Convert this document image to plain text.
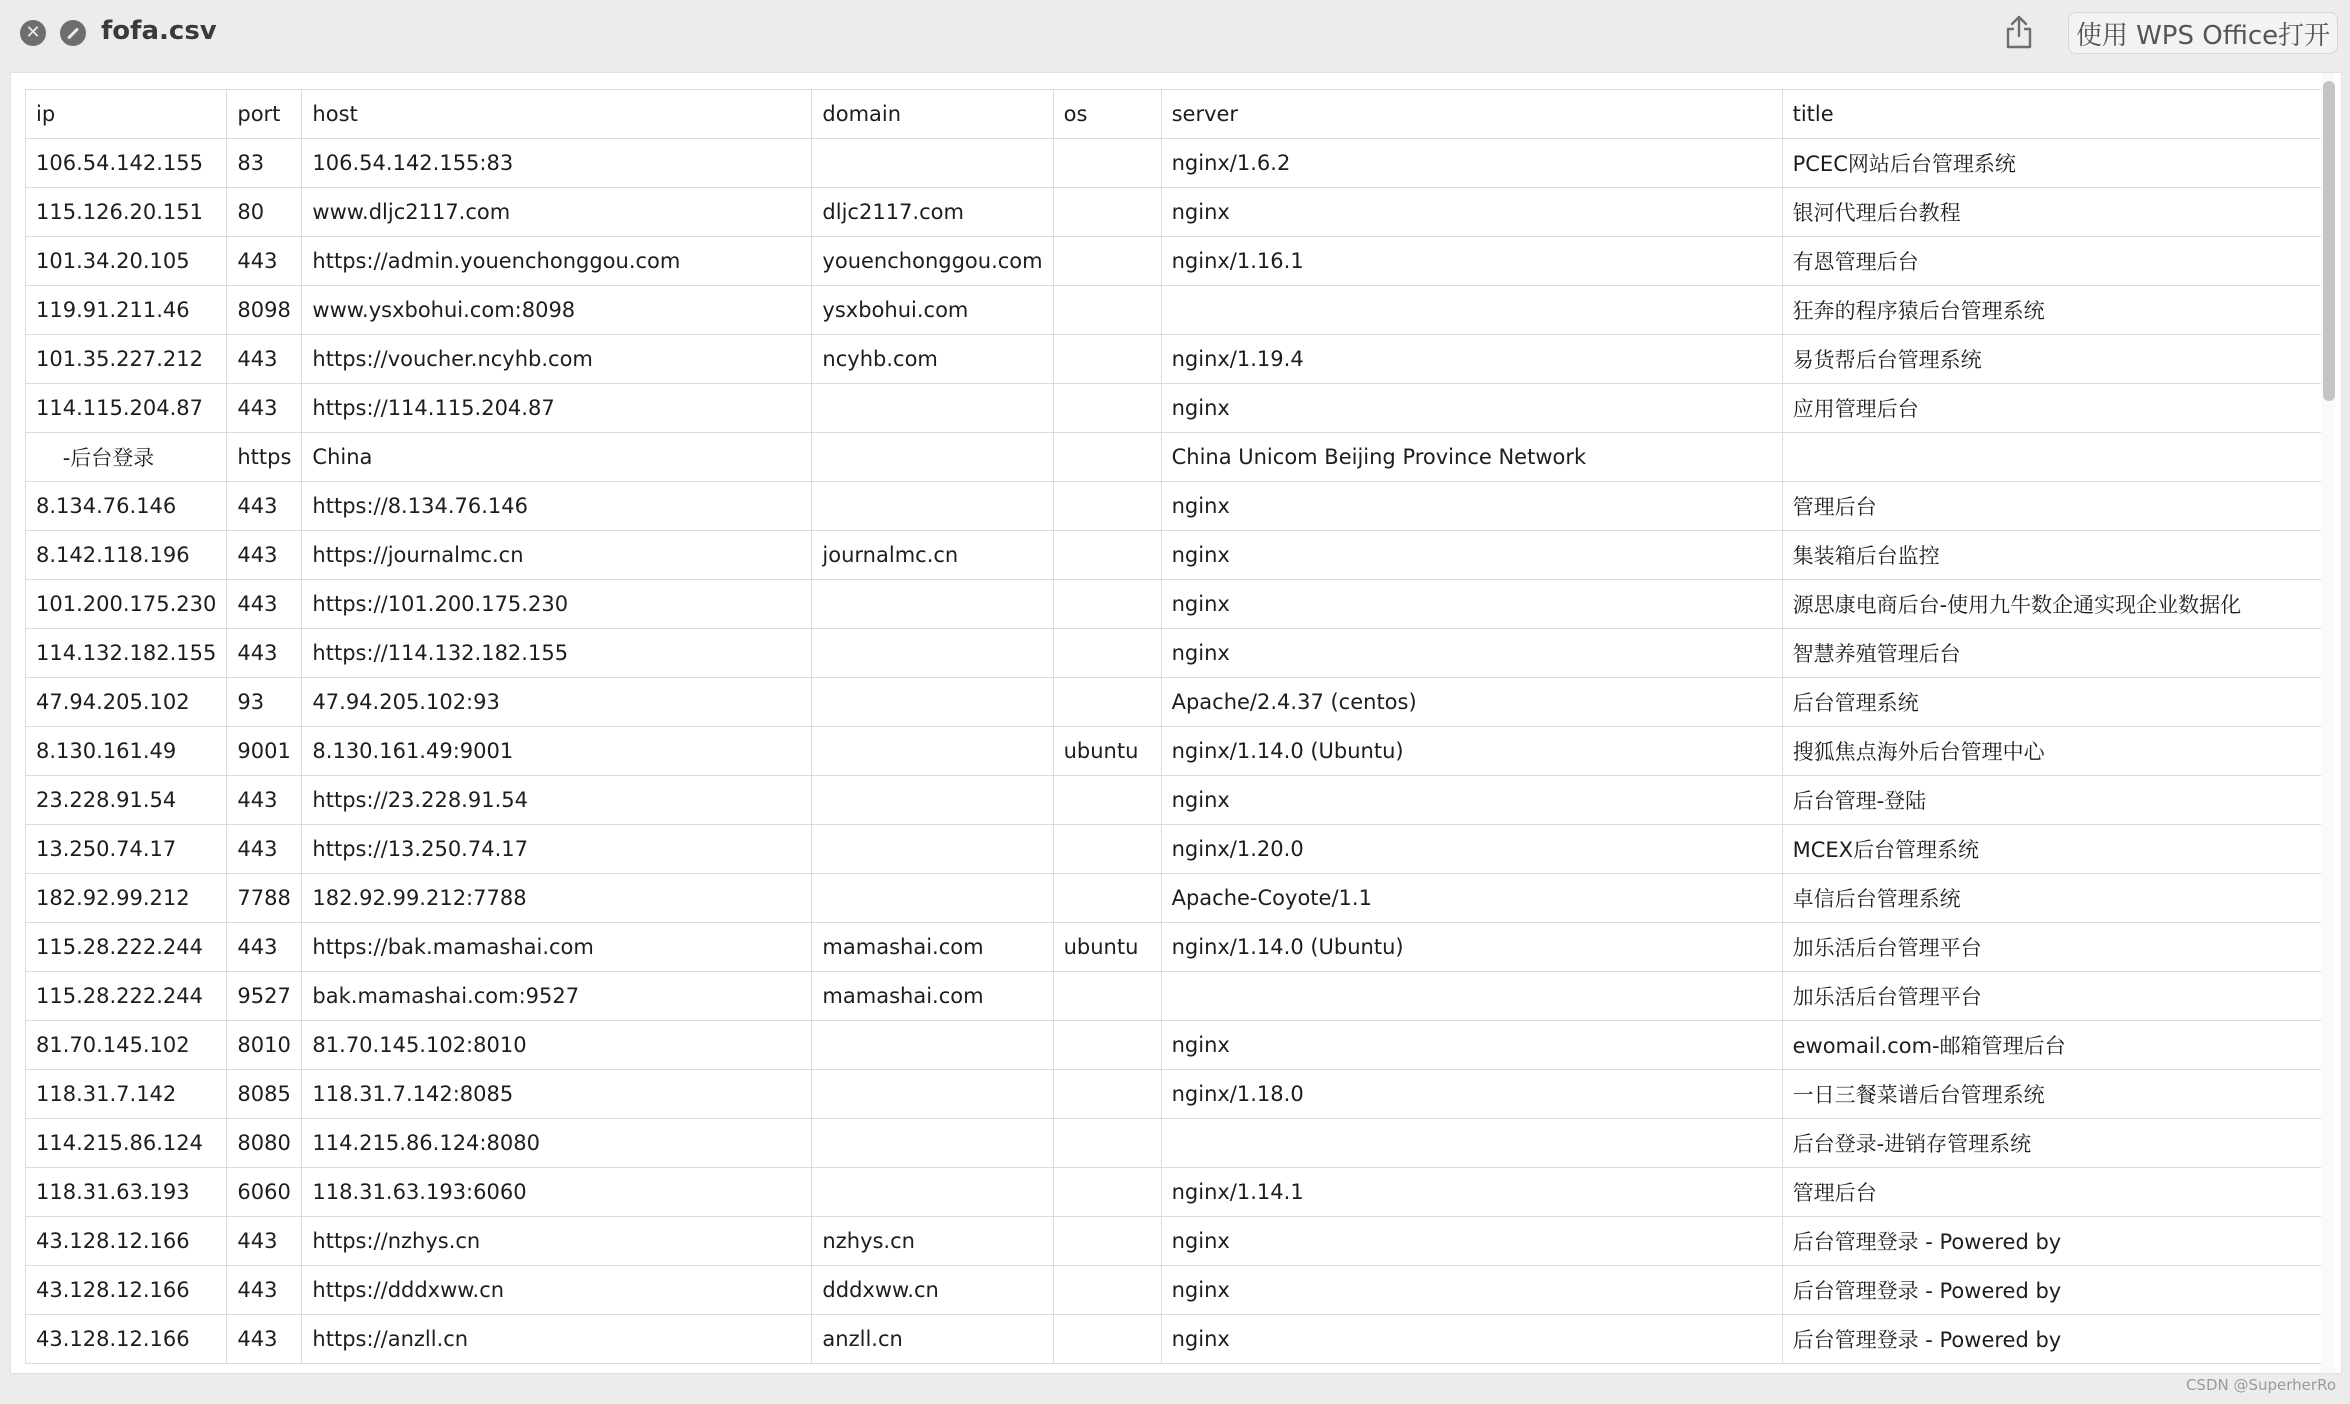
✕ fofa.csv	使用 WPS Office打开
ip	port	host	domain	os	server	title
106.54.142.155	83	106.54.142.155:83			nginx/1.6.2	PCEC网站后台管理系统
115.126.20.151	80	www.dljc2117.com	dljc2117.com		nginx	银河代理后台教程
101.34.20.105	443	https://admin.youenchonggou.com	youenchonggou.com		nginx/1.16.1	有恩管理后台
119.91.211.46	8098	www.ysxbohui.com:8098	ysxbohui.com			狂奔的程序猿后台管理系统
101.35.227.212	443	https://voucher.ncyhb.com	ncyhb.com		nginx/1.19.4	易货帮后台管理系统
114.115.204.87	443	https://114.115.204.87			nginx	应用管理后台
-后台登录	https	China			China Unicom Beijing Province Network	
8.134.76.146	443	https://8.134.76.146			nginx	管理后台
8.142.118.196	443	https://journalmc.cn	journalmc.cn		nginx	集装箱后台监控
101.200.175.230	443	https://101.200.175.230			nginx	源思康电商后台-使用九牛数企通实现企业数据化
114.132.182.155	443	https://114.132.182.155			nginx	智慧养殖管理后台
47.94.205.102	93	47.94.205.102:93			Apache/2.4.37 (centos)	后台管理系统
8.130.161.49	9001	8.130.161.49:9001		ubuntu	nginx/1.14.0 (Ubuntu)	搜狐焦点海外后台管理中心
23.228.91.54	443	https://23.228.91.54			nginx	后台管理-登陆
13.250.74.17	443	https://13.250.74.17			nginx/1.20.0	MCEX后台管理系统
182.92.99.212	7788	182.92.99.212:7788			Apache-Coyote/1.1	卓信后台管理系统
115.28.222.244	443	https://bak.mamashai.com	mamashai.com	ubuntu	nginx/1.14.0 (Ubuntu)	加乐活后台管理平台
115.28.222.244	9527	bak.mamashai.com:9527	mamashai.com			加乐活后台管理平台
81.70.145.102	8010	81.70.145.102:8010			nginx	ewomail.com-邮箱管理后台
118.31.7.142	8085	118.31.7.142:8085			nginx/1.18.0	一日三餐菜谱后台管理系统
114.215.86.124	8080	114.215.86.124:8080				后台登录-进销存管理系统
118.31.63.193	6060	118.31.63.193:6060			nginx/1.14.1	管理后台
43.128.12.166	443	https://nzhys.cn	nzhys.cn		nginx	后台管理登录 - Powered by
43.128.12.166	443	https://dddxww.cn	dddxww.cn		nginx	后台管理登录 - Powered by
43.128.12.166	443	https://anzll.cn	anzll.cn		nginx	后台管理登录 - Powered by
CSDN @SuperherRo
